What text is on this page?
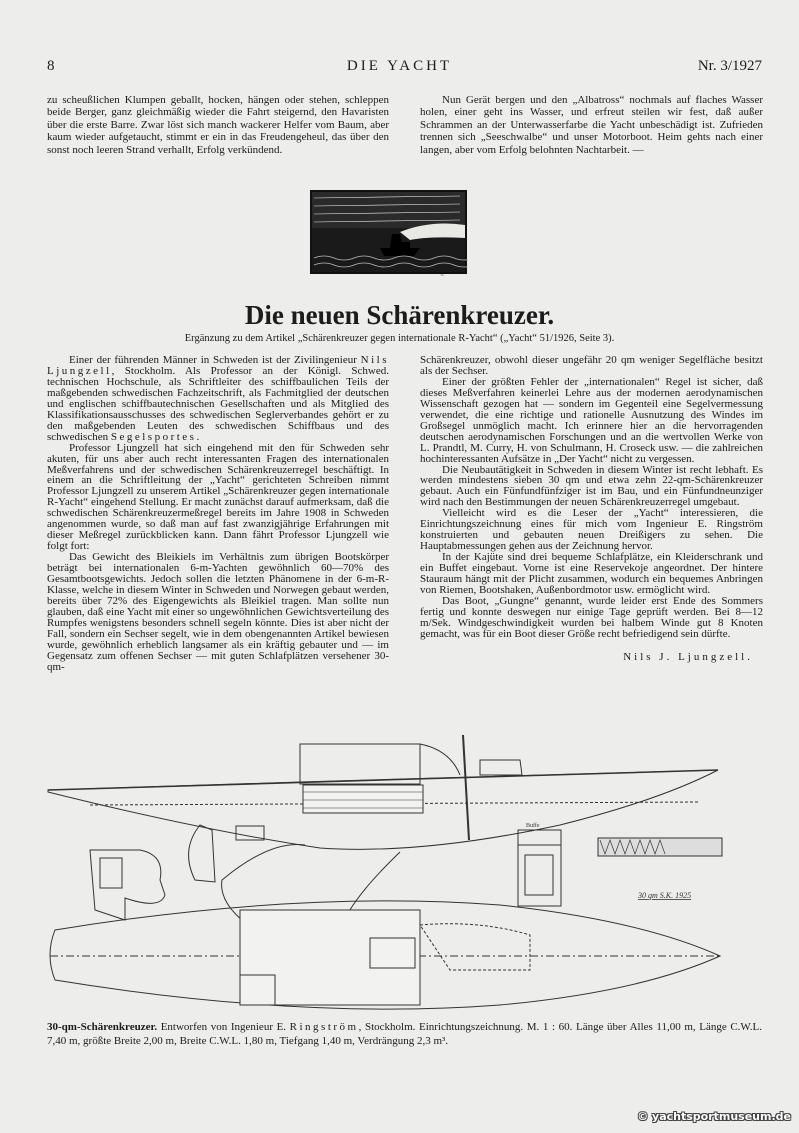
8	DIE YACHT	Nr. 3/1927

zu scheußlichen Klumpen geballt, hocken, hängen oder stehen, schleppen beide Berger, ganz gleichmäßig wieder die Fahrt steigernd, den Havaristen über die erste Barre. Zwar löst sich manch wackerer Helfer vom Baum, aber kaum wieder aufgetaucht, stimmt er ein in das Freudengeheul, das über den sonst noch leeren Strand verhallt, Erfolg verkündend.

Nun Gerät bergen und den „Albatross“ nochmals auf flaches Wasser holen, einer geht ins Wasser, und erfreut steilen wir fest, daß außer Schrammen an der Unterwasserfarbe die Yacht unbeschädigt ist. Zufrieden trennen sich „Seeschwalbe“ und unser Motorboot. Heim gehts nach einer langen, aber vom Erfolg belohnten Nachtarbeit. —

~
Die neuen Schärenkreuzer.
Ergänzung zu dem Artikel „Schärenkreuzer gegen internationale R-Yacht“ („Yacht“ 51/1926, Seite 3).

Einer der führenden Männer in Schweden ist der Zivilingenieur Nils Ljungzell, Stockholm. Als Professor an der Königl. Schwed. technischen Hochschule, als Schriftleiter des schiffbaulichen Teils der maßgebenden schwedischen Fachzeitschrift, als Fachmitglied der deutschen und englischen schiffbautechnischen Gesellschaften und als Mitglied des Klassifikationsausschusses des schwedischen Seglerverbandes gehört er zu den maßgebenden Leuten des schwedischen Schiffbaus und des schwedischen Segelsportes.

Professor Ljungzell hat sich eingehend mit den für Schweden sehr akuten, für uns aber auch recht interessanten Fragen des internationalen Meßverfahrens und der schwedischen Schärenkreuzerregel beschäftigt. In einem an die Schriftleitung der „Yacht“ gerichteten Schreiben nimmt Professor Ljungzell zu unserem Artikel „Schärenkreuzer gegen internationale R-Yacht“ eingehend Stellung. Er macht zunächst darauf aufmerksam, daß die schwedischen Schärenkreuzermeßregel bereits im Jahre 1908 in Schweden angenommen wurde, so daß man auf fast zwanzigjährige Erfahrungen mit dieser Meßregel zurückblicken kann. Dann fährt Professor Ljungzell wie folgt fort:

Das Gewicht des Bleikiels im Verhältnis zum übrigen Bootskörper beträgt bei internationalen 6-m-Yachten gewöhnlich 60—70% des Gesamtbootsgewichts. Jedoch sollen die letzten Phänomene in der 6-m-R-Klasse, welche in diesem Winter in Schweden und Norwegen gebaut werden, bereits über 72% des Eigengewichts als Bleikiel tragen. Man sollte nun glauben, daß eine Yacht mit einer so ungewöhnlichen Gewichtsverteilung des Rumpfes wenigstens besonders schnell segeln könnte. Dies ist aber nicht der Fall, sondern ein Sechser segelt, wie in dem obengenannten Artikel bewiesen wurde, gewöhnlich erheblich langsamer als ein kräftig gebauter und — im Gegensatz zum offenen Sechser — mit guten Schlafplätzen versehener 30-qm-

Schärenkreuzer, obwohl dieser ungefähr 20 qm weniger Segelfläche besitzt als der Sechser.

Einer der größten Fehler der „internationalen“ Regel ist sicher, daß dieses Meßverfahren keinerlei Lehre aus der modernen aerodynamischen Wissenschaft gezogen hat — sondern im Gegenteil eine Segelvermessung verwendet, die eine richtige und rationelle Ausnutzung des Windes im Großsegel unmöglich macht. Ich erinnere hier an die hervorragenden deutschen aerodynamischen Forschungen und an die wertvollen Werke von L. Prandtl, M. Curry, H. von Schulmann, H. Croseck usw. — die zahlreichen hochinteressanten Aufsätze in „Der Yacht“ nicht zu vergessen.

Die Neubautätigkeit in Schweden in diesem Winter ist recht lebhaft. Es werden mindestens sieben 30 qm und etwa zehn 22-qm-Schärenkreuzer gebaut. Auch ein Fünfundfünfziger ist im Bau, und ein Fünfundneunziger wird nach den Bestimmungen der neuen Schärenkreuzerregel umgebaut.

Vielleicht wird es die Leser der „Yacht“ interessieren, die Einrichtungszeichnung eines für mich vom Ingenieur E. Ringström konstruierten und gebauten neuen Dreißigers zu sehen. Die Hauptabmessungen gehen aus der Zeichnung hervor.

In der Kajüte sind drei bequeme Schlafplätze, ein Kleiderschrank und ein Buffet eingebaut. Vorne ist eine Reservekoje angeordnet. Der hintere Stauraum hängt mit der Plicht zusammen, wodurch ein bequemes Anbringen von Riemen, Bootshaken, Außenbordmotor usw. ermöglicht wird.

Das Boot, „Gungne“ genannt, wurde leider erst Ende des Sommers fertig und konnte deswegen nur einige Tage geprüft werden. Bei 8—12 m/Sek. Windgeschwindigkeit wurden bei halbem Winde gut 8 Knoten gemacht, was für ein Boot dieser Größe recht befriedigend sein dürfte.

Nils J. Ljungzell.
Buffe
30 qm S.K. 1925
30-qm-Schärenkreuzer. Entworfen von Ingenieur E. Ringström, Stockholm. Einrichtungszeichnung. M. 1 : 60. Länge über Alles 11,00 m, Länge C.W.L. 7,40 m, größte Breite 2,00 m, Breite C.W.L. 1,80 m, Tiefgang 1,40 m, Verdrängung 2,3 m³.
© yachtsportmuseum.de
